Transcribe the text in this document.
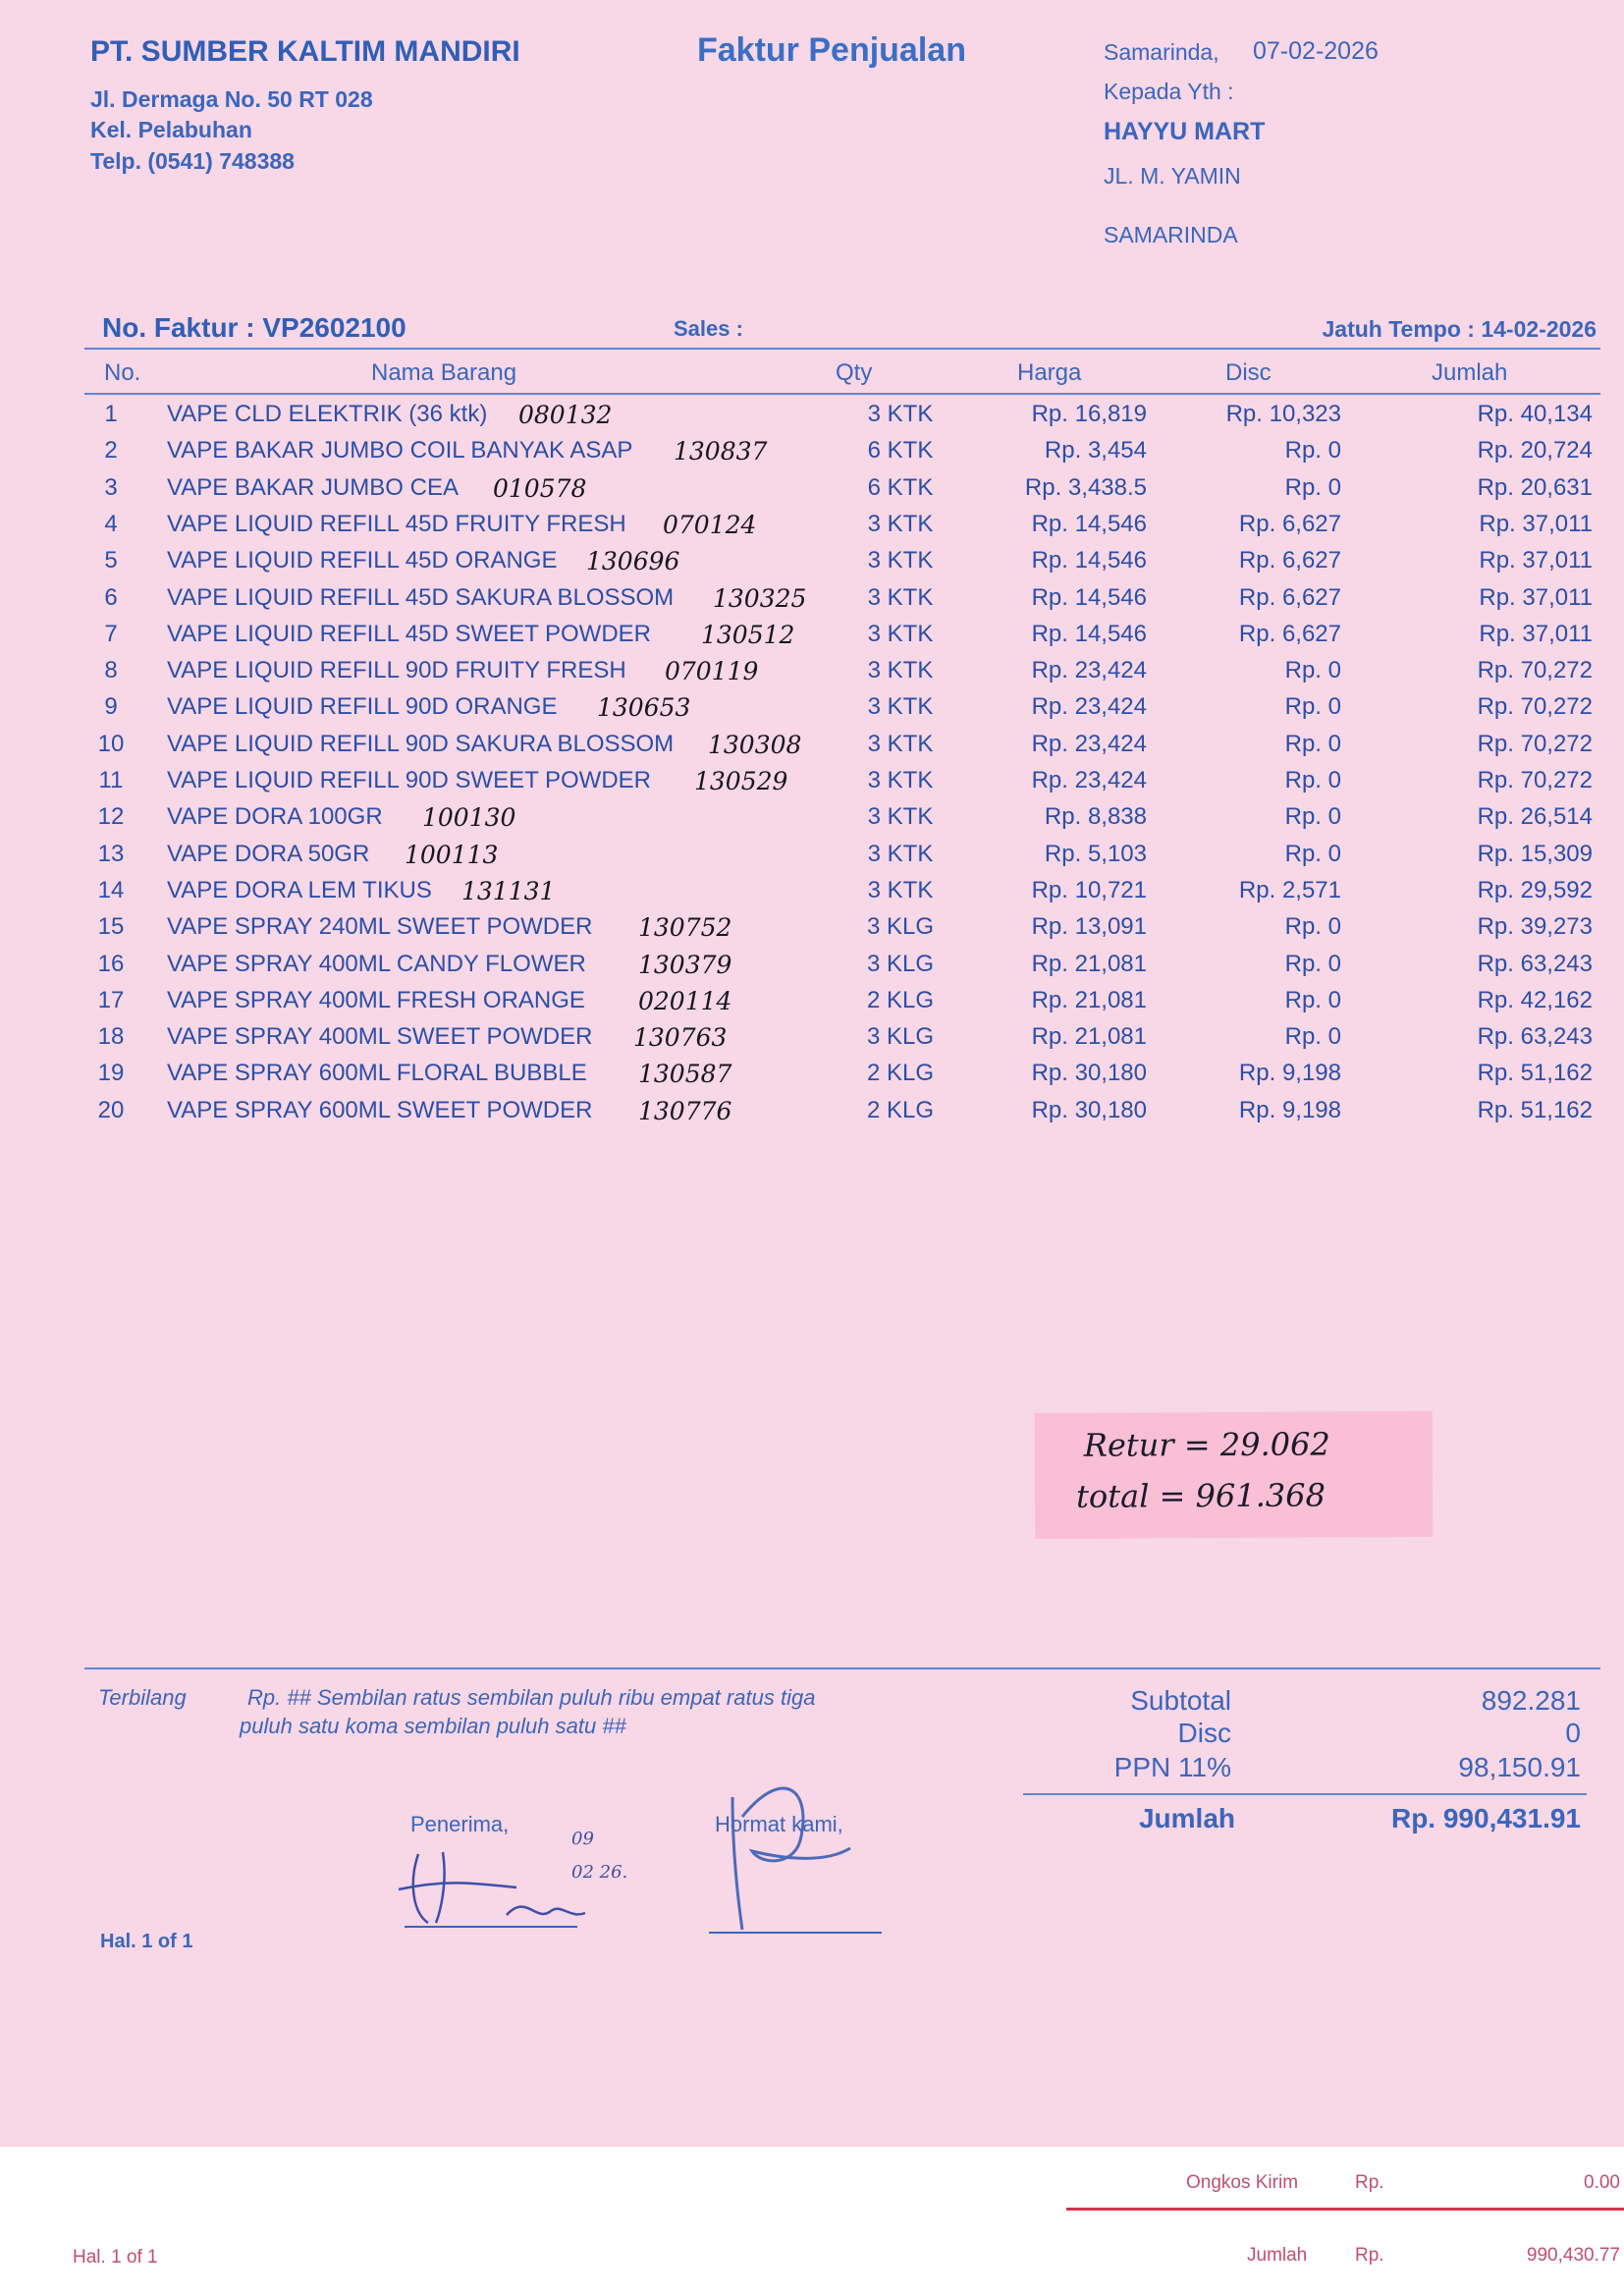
PT. SUMBER KALTIM MANDIRI
Jl. Dermaga No. 50 RT 028
Kel. Pelabuhan
Telp. (0541) 748388
Faktur Penjualan	Samarinda, 07-02-2026
Kepada Yth :
HAYYU MART
JL. M. YAMIN
SAMARINDA
No. Faktur : VP2602100	Sales :	Jatuh Tempo : 14-02-2026
No.	Nama Barang	Qty	Harga	Disc	Jumlah
1	VAPE CLD ELEKTRIK (36 ktk)	3 KTK	Rp. 16,819	Rp. 10,323	Rp. 40,134
080132
2	VAPE BAKAR JUMBO COIL BANYAK ASAP	6 KTK	Rp. 3,454	Rp. 0	Rp. 20,724
130837
3	VAPE BAKAR JUMBO CEA	6 KTK	Rp. 3,438.5	Rp. 0	Rp. 20,631
010578
4	VAPE LIQUID REFILL 45D FRUITY FRESH	3 KTK	Rp. 14,546	Rp. 6,627	Rp. 37,011
070124
5	VAPE LIQUID REFILL 45D ORANGE	3 KTK	Rp. 14,546	Rp. 6,627	Rp. 37,011
130696
6	VAPE LIQUID REFILL 45D SAKURA BLOSSOM	3 KTK	Rp. 14,546	Rp. 6,627	Rp. 37,011
130325
7	VAPE LIQUID REFILL 45D SWEET POWDER	3 KTK	Rp. 14,546	Rp. 6,627	Rp. 37,011
130512
8	VAPE LIQUID REFILL 90D FRUITY FRESH	3 KTK	Rp. 23,424	Rp. 0	Rp. 70,272
070119
9	VAPE LIQUID REFILL 90D ORANGE	3 KTK	Rp. 23,424	Rp. 0	Rp. 70,272
130653
10	VAPE LIQUID REFILL 90D SAKURA BLOSSOM	3 KTK	Rp. 23,424	Rp. 0	Rp. 70,272
130308
11	VAPE LIQUID REFILL 90D SWEET POWDER	3 KTK	Rp. 23,424	Rp. 0	Rp. 70,272
130529
12	VAPE DORA 100GR	3 KTK	Rp. 8,838	Rp. 0	Rp. 26,514
100130
13	VAPE DORA 50GR	3 KTK	Rp. 5,103	Rp. 0	Rp. 15,309
100113
14	VAPE DORA LEM TIKUS	3 KTK	Rp. 10,721	Rp. 2,571	Rp. 29,592
131131
15	VAPE SPRAY 240ML SWEET POWDER	3 KLG	Rp. 13,091	Rp. 0	Rp. 39,273
130752
16	VAPE SPRAY 400ML CANDY FLOWER	3 KLG	Rp. 21,081	Rp. 0	Rp. 63,243
130379
17	VAPE SPRAY 400ML FRESH ORANGE	2 KLG	Rp. 21,081	Rp. 0	Rp. 42,162
020114
18	VAPE SPRAY 400ML SWEET POWDER	3 KLG	Rp. 21,081	Rp. 0	Rp. 63,243
130763
19	VAPE SPRAY 600ML FLORAL BUBBLE	2 KLG	Rp. 30,180	Rp. 9,198	Rp. 51,162
130587
20	VAPE SPRAY 600ML SWEET POWDER	2 KLG	Rp. 30,180	Rp. 9,198	Rp. 51,162
130776
Retur = 29.062
total = 961.368
Terbilang	Rp. ## Sembilan ratus sembilan puluh ribu empat ratus tiga
puluh satu koma sembilan puluh satu ##
Subtotal	892.281
Disc	0
PPN 11%	98,150.91
Jumlah	Rp. 990,431.91
Penerima,	Hormat kami,
09
02 26.
Hal. 1 of 1
Ongkos Kirim	Rp.	0.00
Hal. 1 of 1	Jumlah	Rp.	990,430.77
